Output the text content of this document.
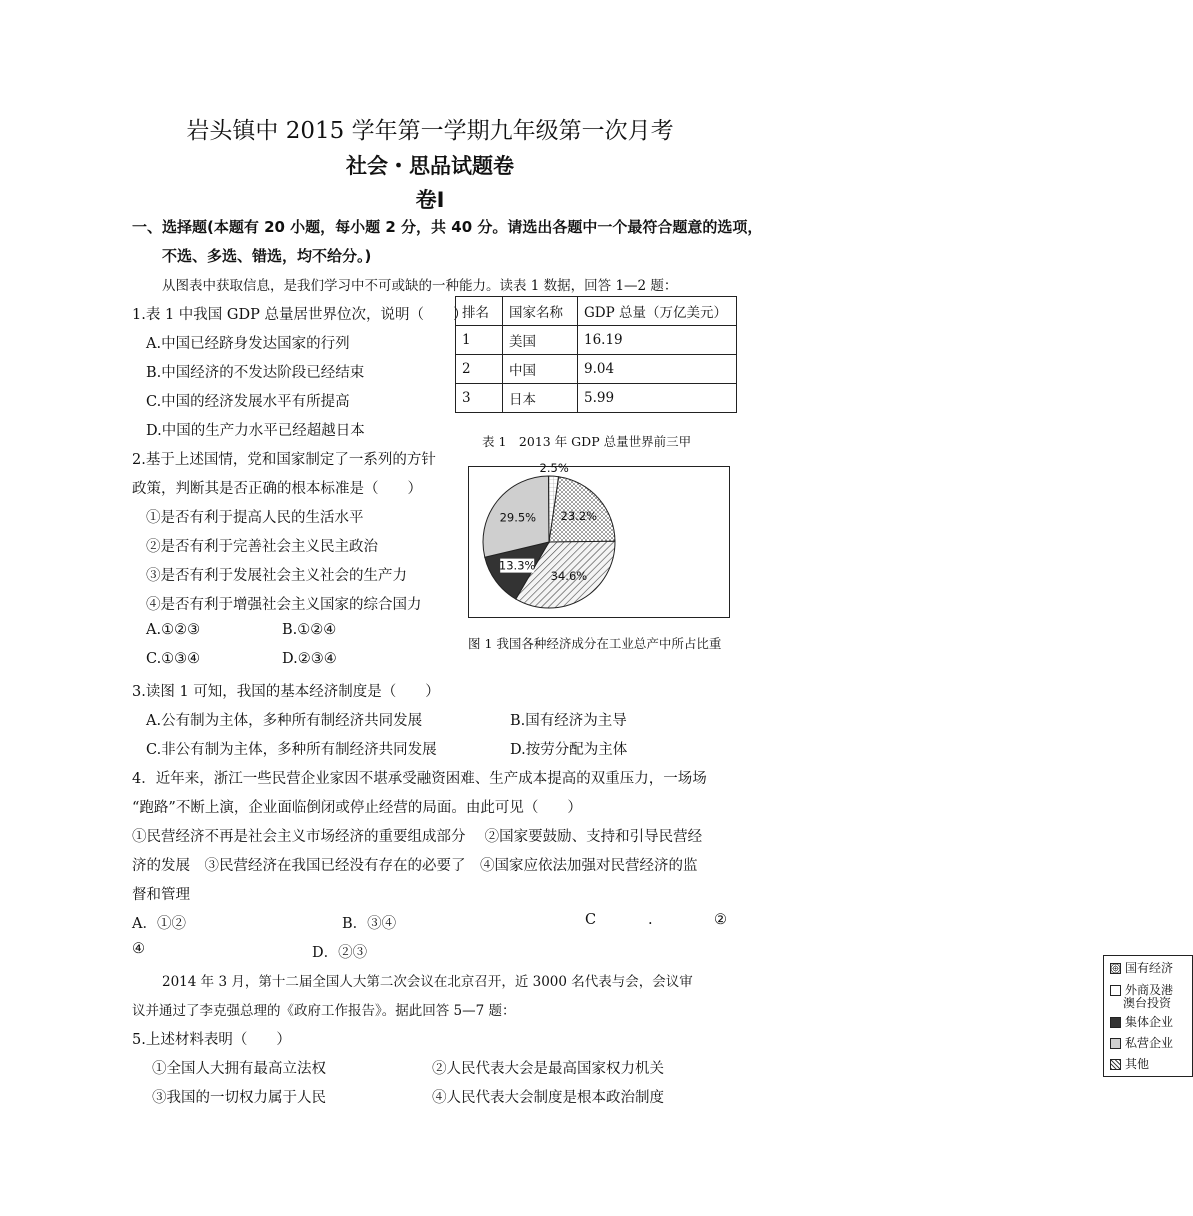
岩头镇中 2015 学年第一学期九年级第一次月考
社会・思品试题卷
卷Ⅰ
一、选择题(本题有 20 小题，每小题 2 分，共 40 分。请选出各题中一个最符合题意的选项，
不选、多选、错选，均不给分。)
从图表中获取信息，是我们学习中不可或缺的一种能力。读表 1 数据，回答 1—2 题：
1.表 1 中我国 GDP 总量居世界位次，说明（　　）
A.中国已经跻身发达国家的行列
B.中国经济的不发达阶段已经结束
C.中国的经济发展水平有所提高
D.中国的生产力水平已经超越日本
排名	国家名称	GDP 总量（万亿美元）
1	美国	16.19
2	中国	9.04
3	日本	5.99
表 1　2013 年 GDP 总量世界前三甲
2.基于上述国情，党和国家制定了一系列的方针
政策，判断其是否正确的根本标准是（　　）
①是否有利于提高人民的生活水平
②是否有利于完善社会主义民主政治
③是否有利于发展社会主义社会的生产力
④是否有利于增强社会主义国家的综合国力
A.①②③	B.①②④
C.①③④	D.②③④
23.2%
34.6%
13.3%
29.5%
2.5%
国有经济
外商及港
澳台投资
集体企业
私营企业
其他
图 1 我国各种经济成分在工业总产中所占比重
3.读图 1 可知，我国的基本经济制度是（　　）
A.公有制为主体，多种所有制经济共同发展	B.国有经济为主导
C.非公有制为主体，多种所有制经济共同发展	D.按劳分配为主体
4．近年来，浙江一些民营企业家因不堪承受融资困难、生产成本提高的双重压力，一场场
“跑路”不断上演，企业面临倒闭或停止经营的局面。由此可见（　　）
①民营经济不再是社会主义市场经济的重要组成部分　 ②国家要鼓励、支持和引导民营经
济的发展　③民营经济在我国已经没有存在的必要了　④国家应依法加强对民营经济的监
督和管理
A．①②	B．③④	C	.	②
④	D．②③
2014 年 3 月，第十二届全国人大第二次会议在北京召开，近 3000 名代表与会，会议审
议并通过了李克强总理的《政府工作报告》。据此回答 5—7 题：
5.上述材料表明（　　）
①全国人大拥有最高立法权	②人民代表大会是最高国家权力机关
③我国的一切权力属于人民	④人民代表大会制度是根本政治制度
